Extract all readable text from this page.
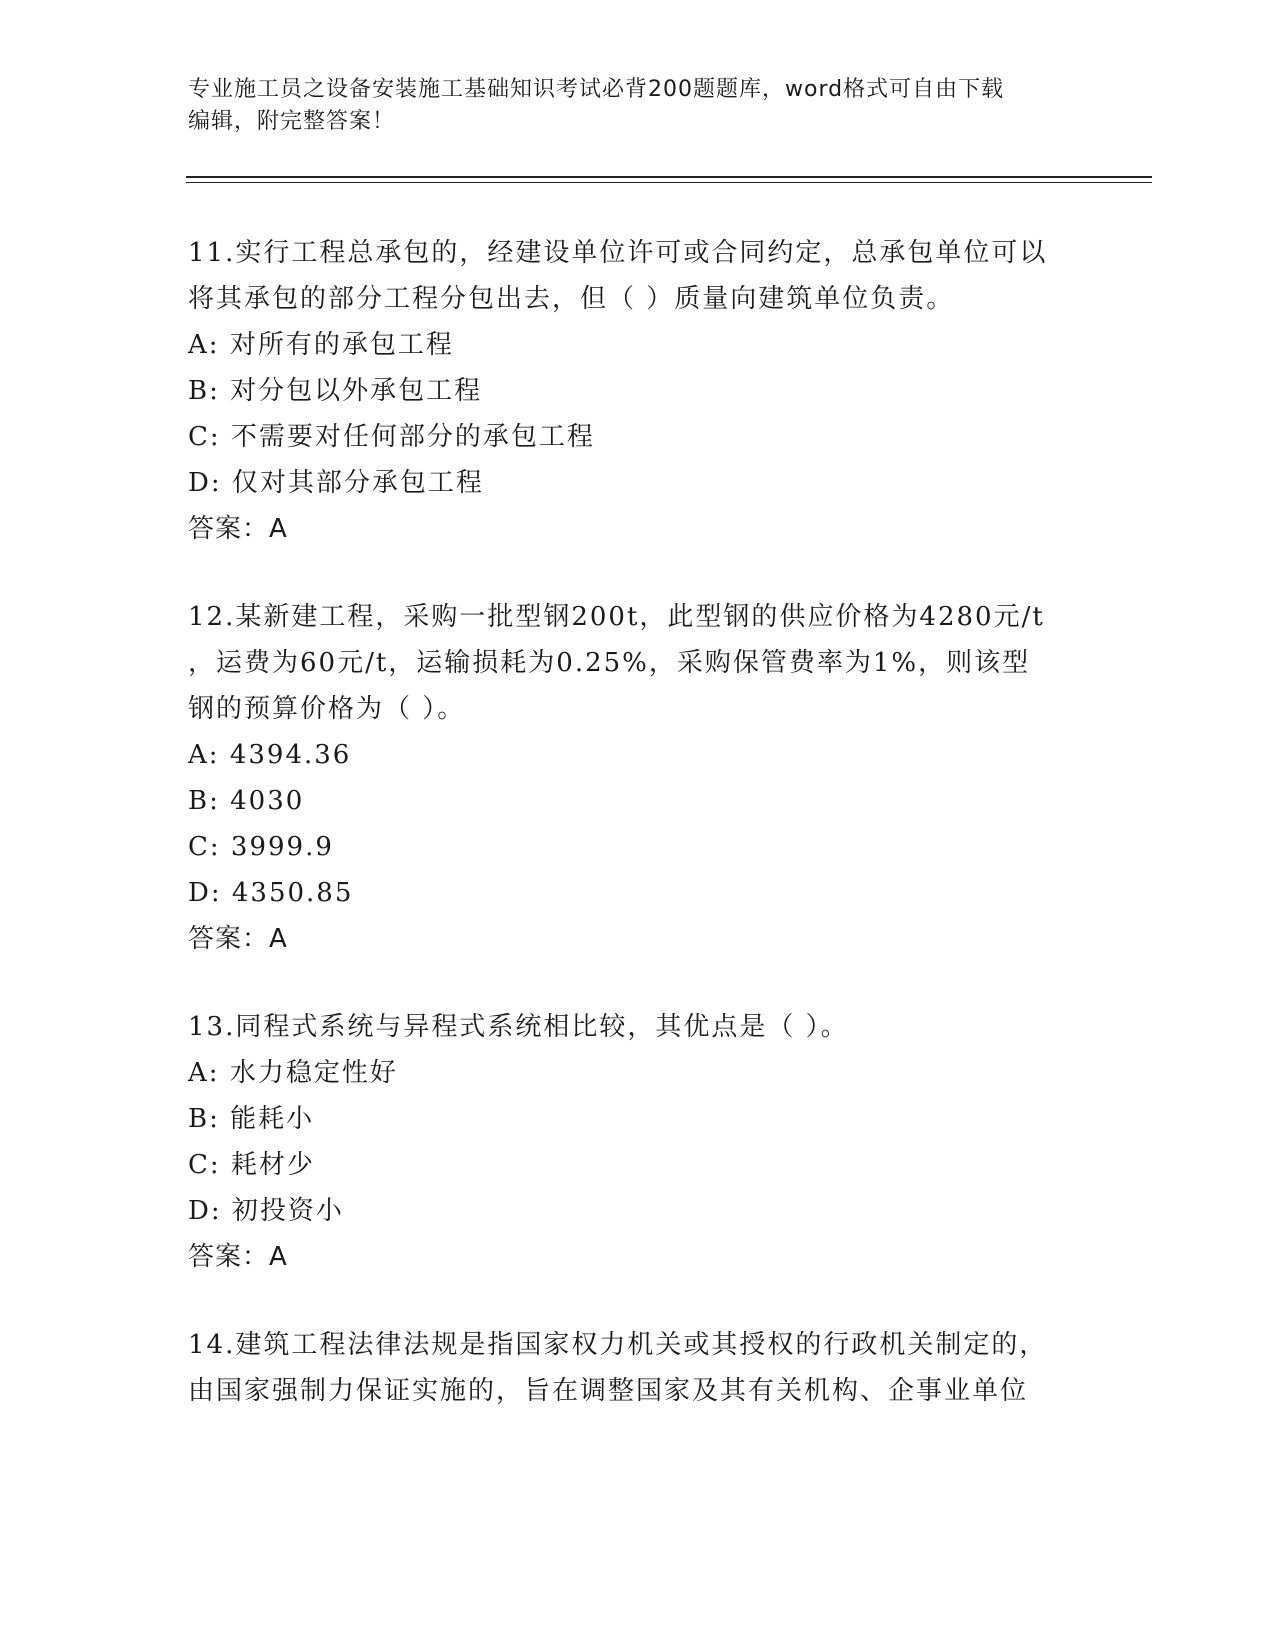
专业施工员之设备安装施工基础知识考试必背200题题库，word格式可自由下载
编辑，附完整答案！
11.实行工程总承包的，经建设单位许可或合同约定，总承包单位可以
将其承包的部分工程分包出去，但（ ）质量向建筑单位负责。
A: 对所有的承包工程
B: 对分包以外承包工程
C: 不需要对任何部分的承包工程
D: 仅对其部分承包工程
答案：A
12.某新建工程，采购一批型钢200t，此型钢的供应价格为4280元/t
，运费为60元/t，运输损耗为0.25%，采购保管费率为1%，则该型
钢的预算价格为（ ）。
A: 4394.36
B: 4030
C: 3999.9
D: 4350.85
答案：A
13.同程式系统与异程式系统相比较，其优点是（ ）。
A: 水力稳定性好
B: 能耗小
C: 耗材少
D: 初投资小
答案：A
14.建筑工程法律法规是指国家权力机关或其授权的行政机关制定的，
由国家强制力保证实施的，旨在调整国家及其有关机构、企事业单位
